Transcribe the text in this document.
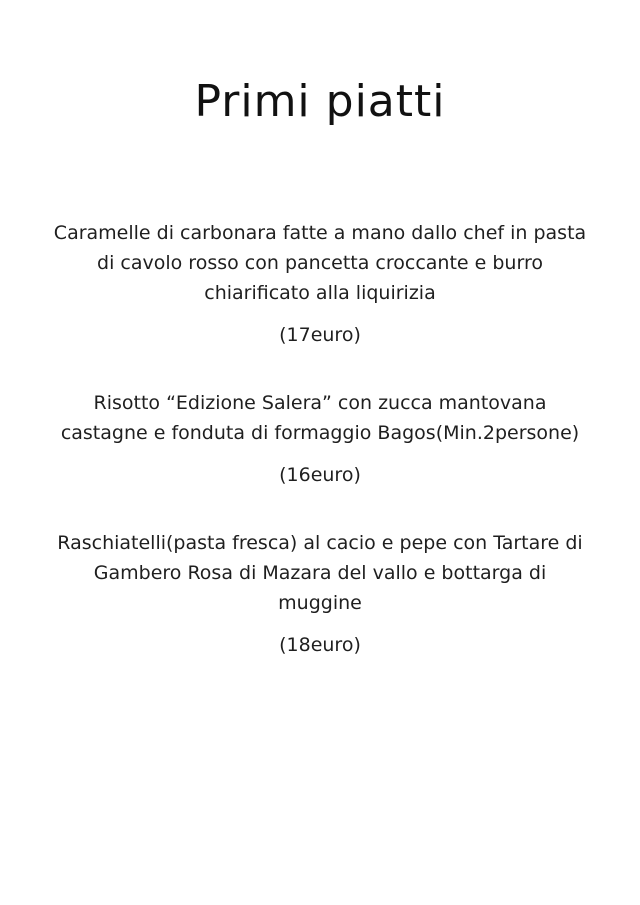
Primi piatti

Caramelle di carbonara fatte a mano dallo chef in pasta di cavolo rosso con pancetta croccante e burro chiarificato alla liquirizia

(17euro)

Risotto “Edizione Salera” con zucca mantovana castagne e fonduta di formaggio Bagos(Min.2persone)

(16euro)

Raschiatelli(pasta fresca) al cacio e pepe con Tartare di Gambero Rosa di Mazara del vallo e bottarga di muggine

(18euro)
